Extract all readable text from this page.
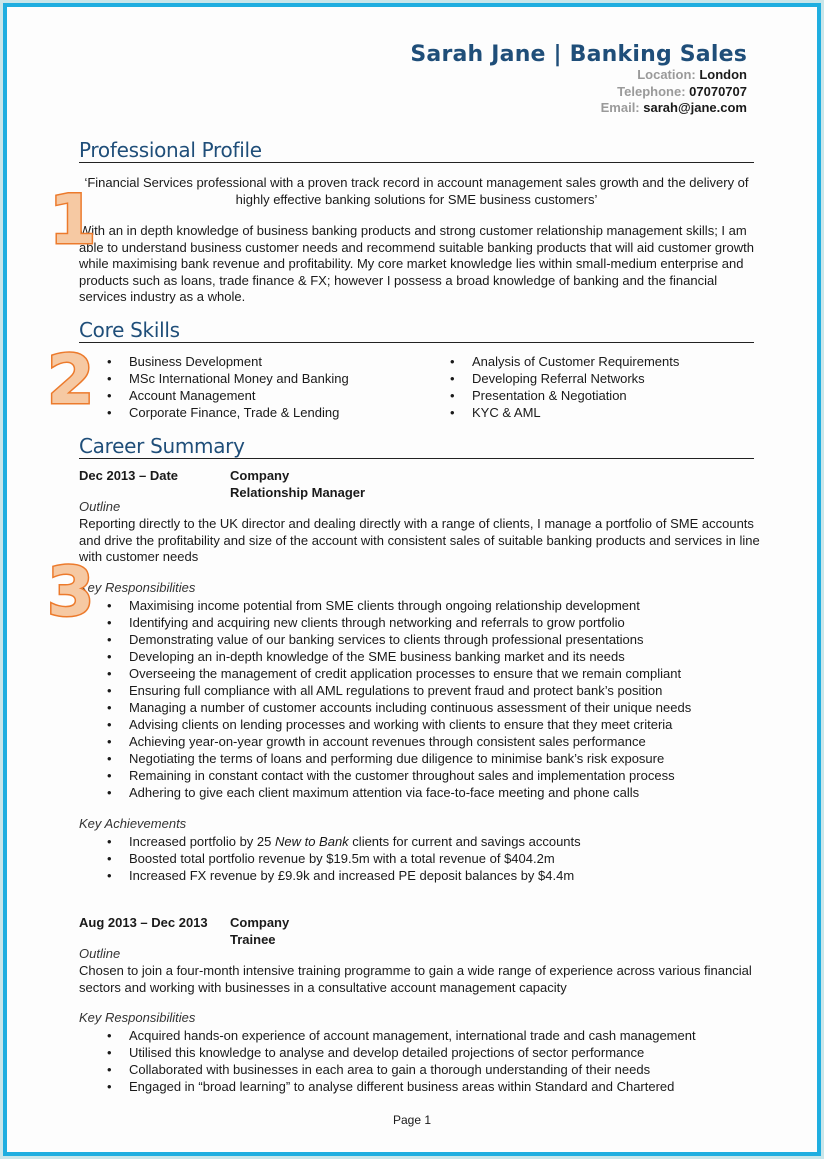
Sarah Jane | Banking Sales
Location: London
Telephone: 07070707
Email: sarah@jane.com
Professional Profile
‘Financial Services professional with a proven track record in account management sales growth and the delivery of highly effective banking solutions for SME business customers’
With an in depth knowledge of business banking products and strong customer relationship management skills; I am able to understand business customer needs and recommend suitable banking products that will aid customer growth while maximising bank revenue and profitability. My core market knowledge lies within small-medium enterprise and products such as loans, trade finance & FX; however I possess a broad knowledge of banking and the financial services industry as a whole.
1
Core Skills
• Business Development
• MSc International Money and Banking
• Account Management
• Corporate Finance, Trade & Lending
• Analysis of Customer Requirements
• Developing Referral Networks
• Presentation & Negotiation
• KYC & AML
2
Career Summary
Dec 2013 – Date	Company
Relationship Manager
Outline
Reporting directly to the UK director and dealing directly with a range of clients, I manage a portfolio of SME accounts and drive the profitability and size of the account with consistent sales of suitable banking products and services in line with customer needs
Key Responsibilities
• Maximising income potential from SME clients through ongoing relationship development
• Identifying and acquiring new clients through networking and referrals to grow portfolio
• Demonstrating value of our banking services to clients through professional presentations
• Developing an in-depth knowledge of the SME business banking market and its needs
• Overseeing the management of credit application processes to ensure that we remain compliant
• Ensuring full compliance with all AML regulations to prevent fraud and protect bank’s position
• Managing a number of customer accounts including continuous assessment of their unique needs
• Advising clients on lending processes and working with clients to ensure that they meet criteria
• Achieving year-on-year growth in account revenues through consistent sales performance
• Negotiating the terms of loans and performing due diligence to minimise bank’s risk exposure
• Remaining in constant contact with the customer throughout sales and implementation process
• Adhering to give each client maximum attention via face-to-face meeting and phone calls
3
Key Achievements
• Increased portfolio by 25 New to Bank clients for current and savings accounts
• Boosted total portfolio revenue by $19.5m with a total revenue of $404.2m
• Increased FX revenue by £9.9k and increased PE deposit balances by $4.4m
Aug 2013 – Dec 2013 Company
Trainee
Outline
Chosen to join a four-month intensive training programme to gain a wide range of experience across various financial sectors and working with businesses in a consultative account management capacity
Key Responsibilities
• Acquired hands-on experience of account management, international trade and cash management
• Utilised this knowledge to analyse and develop detailed projections of sector performance
• Collaborated with businesses in each area to gain a thorough understanding of their needs
• Engaged in “broad learning” to analyse different business areas within Standard and Chartered
Page 1
